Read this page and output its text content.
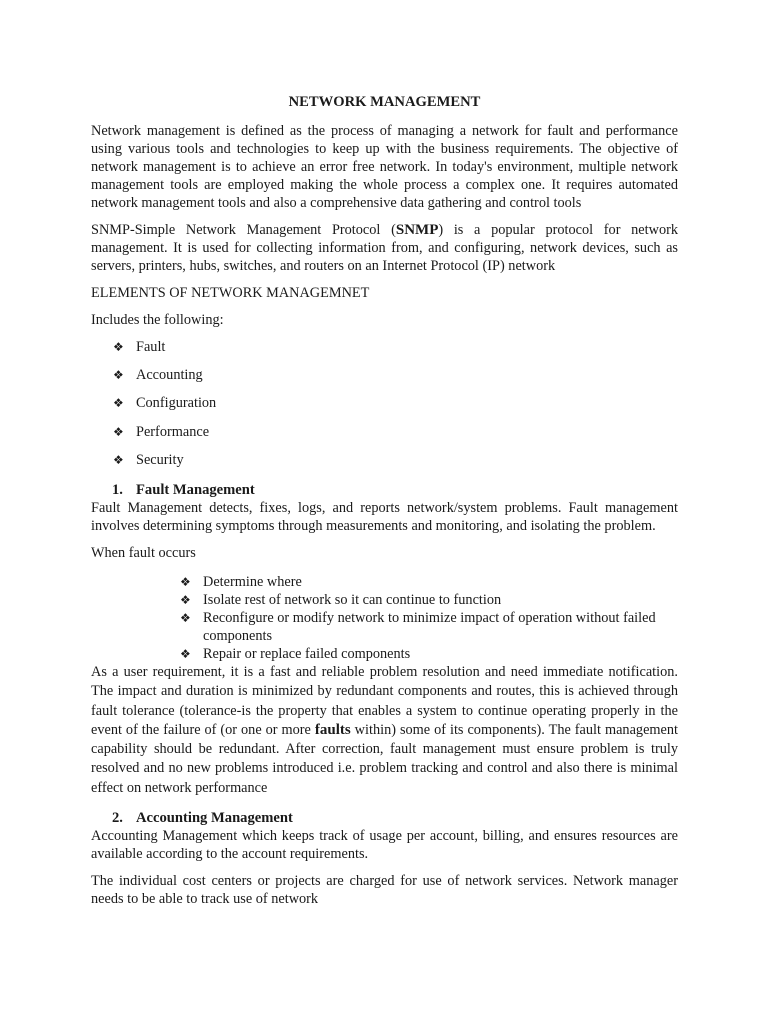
NETWORK MANAGEMENT

Network management is defined as the process of managing a network for fault and performance using various tools and technologies to keep up with the business requirements. The objective of network management is to achieve an error free network. In today's environment, multiple network management tools are employed making the whole process a complex one. It requires automated network management tools and also a comprehensive data gathering and control tools

SNMP-Simple Network Management Protocol (SNMP) is a popular protocol for network management. It is used for collecting information from, and configuring, network devices, such as servers, printers, hubs, switches, and routers on an Internet Protocol (IP) network

ELEMENTS OF NETWORK MANAGEMNET

Includes the following:

❖ Fault
❖ Accounting
❖ Configuration
❖ Performance
❖ Security

1. Fault Management

Fault Management detects, fixes, logs, and reports network/system problems. Fault management involves determining symptoms through measurements and monitoring, and isolating the problem.

When fault occurs

❖ Determine where
❖ Isolate rest of network so it can continue to function
❖ Reconfigure or modify network to minimize impact of operation without failed components
❖ Repair or replace failed components

As a user requirement, it is a fast and reliable problem resolution and need immediate notification. The impact and duration is minimized by redundant components and routes, this is achieved through fault tolerance (tolerance-is the property that enables a system to continue operating properly in the event of the failure of (or one or more faults within) some of its components). The fault management capability should be redundant. After correction, fault management must ensure problem is truly resolved and no new problems introduced i.e. problem tracking and control and also there is minimal effect on network performance

2. Accounting Management

Accounting Management which keeps track of usage per account, billing, and ensures resources are available according to the account requirements.

The individual cost centers or projects are charged for use of network services. Network manager needs to be able to track use of network
